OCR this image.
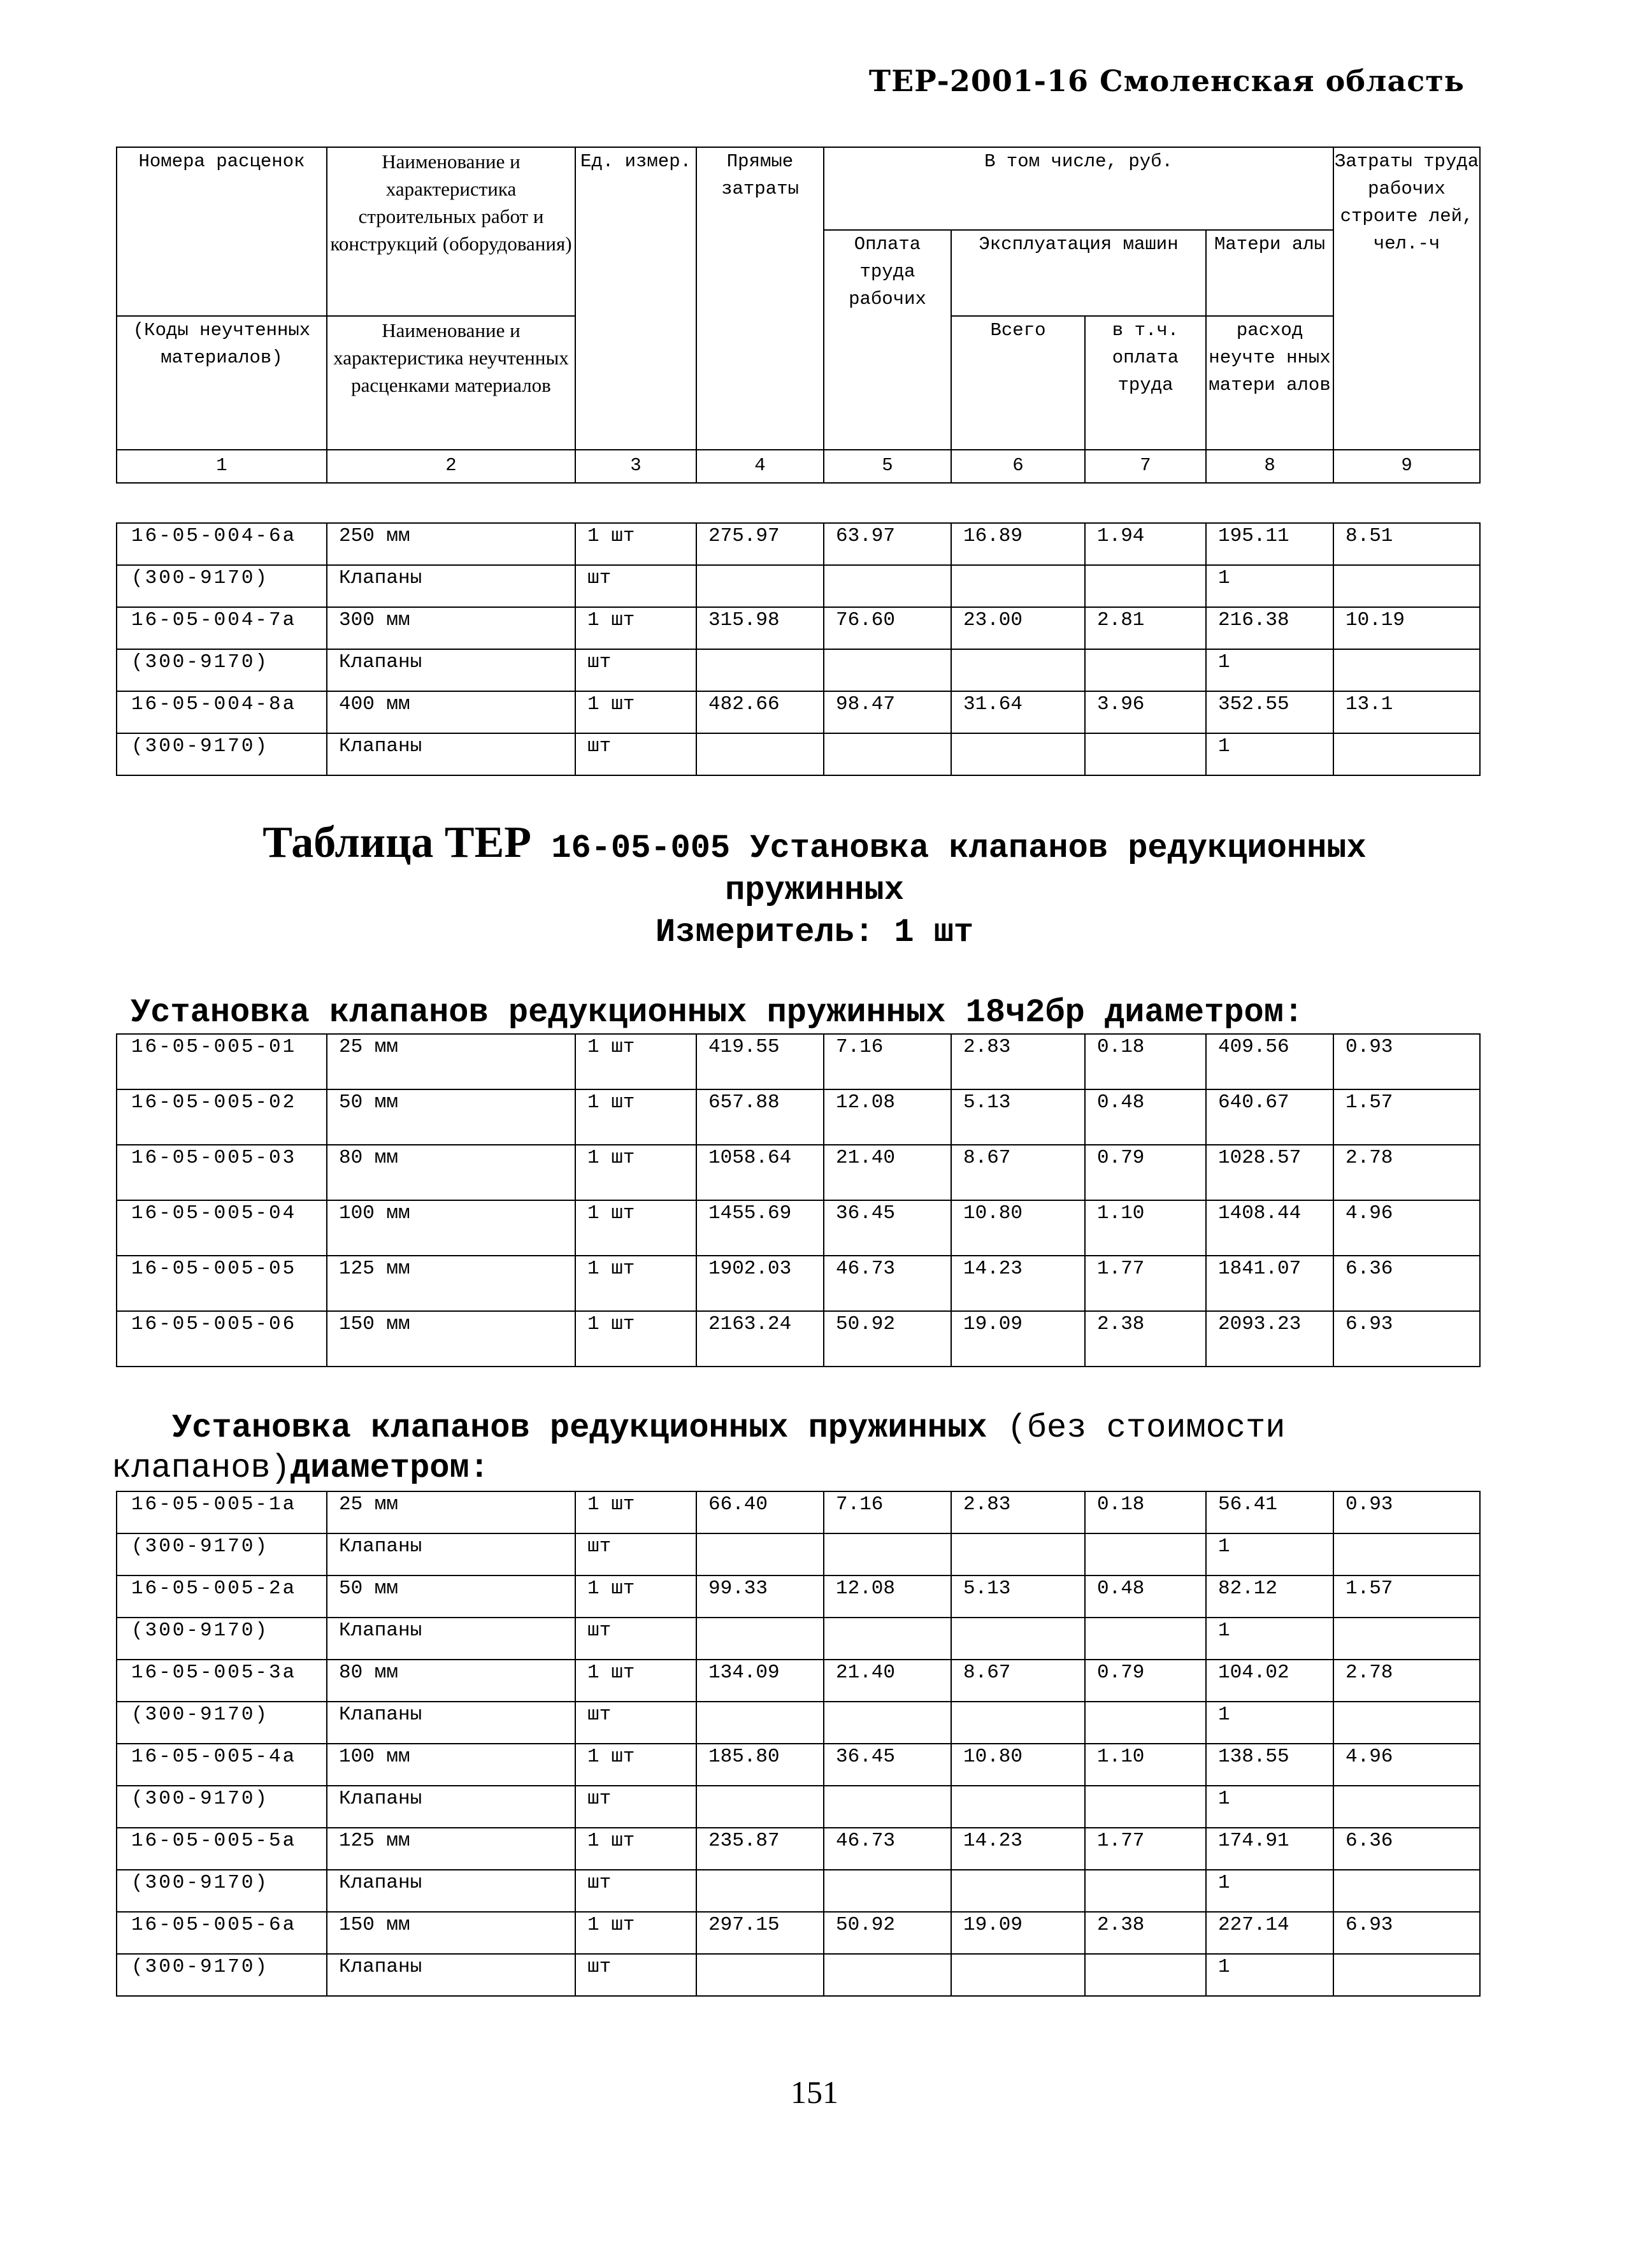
ТЕР-2001-16 Смоленская область
Номера расценок	Наименование и характеристика строительных работ и конструкций (оборудования)	Ед. измер.	Прямые затраты	В том числе, руб.				Затраты труда рабочих строите лей, чел.-ч
				Оплата труда рабочих	Эксплуатация машин		Матери алы	
(Коды неучтенных материалов)	Наименование и характеристика неучтенных расценками материалов				Всего	в т.ч. оплата труда	расход неучте нных матери алов	
1	2	3	4	5	6	7	8	9
16-05-004-6а	250 мм	1 шт	275.97	63.97	16.89	1.94	195.11	8.51
(300-9170)	Клапаны	шт					1	
16-05-004-7а	300 мм	1 шт	315.98	76.60	23.00	2.81	216.38	10.19
(300-9170)	Клапаны	шт					1	
16-05-004-8а	400 мм	1 шт	482.66	98.47	31.64	3.96	352.55	13.1
(300-9170)	Клапаны	шт					1	
Таблица ТЕР 16-05-005 Установка клапанов редукционных
пружинных
Измеритель: 1 шт
Установка клапанов редукционных пружинных 18ч2бр диаметром:
16-05-005-01	25 мм	1 шт	419.55	7.16	2.83	0.18	409.56	0.93
16-05-005-02	50 мм	1 шт	657.88	12.08	5.13	0.48	640.67	1.57
16-05-005-03	80 мм	1 шт	1058.64	21.40	8.67	0.79	1028.57	2.78
16-05-005-04	100 мм	1 шт	1455.69	36.45	10.80	1.10	1408.44	4.96
16-05-005-05	125 мм	1 шт	1902.03	46.73	14.23	1.77	1841.07	6.36
16-05-005-06	150 мм	1 шт	2163.24	50.92	19.09	2.38	2093.23	6.93
Установка клапанов редукционных пружинных (без стоимости
клапанов)диаметром:
16-05-005-1а	25 мм	1 шт	66.40	7.16	2.83	0.18	56.41	0.93
(300-9170)	Клапаны	шт					1	
16-05-005-2а	50 мм	1 шт	99.33	12.08	5.13	0.48	82.12	1.57
(300-9170)	Клапаны	шт					1	
16-05-005-3а	80 мм	1 шт	134.09	21.40	8.67	0.79	104.02	2.78
(300-9170)	Клапаны	шт					1	
16-05-005-4а	100 мм	1 шт	185.80	36.45	10.80	1.10	138.55	4.96
(300-9170)	Клапаны	шт					1	
16-05-005-5а	125 мм	1 шт	235.87	46.73	14.23	1.77	174.91	6.36
(300-9170)	Клапаны	шт					1	
16-05-005-6а	150 мм	1 шт	297.15	50.92	19.09	2.38	227.14	6.93
(300-9170)	Клапаны	шт					1	
151
